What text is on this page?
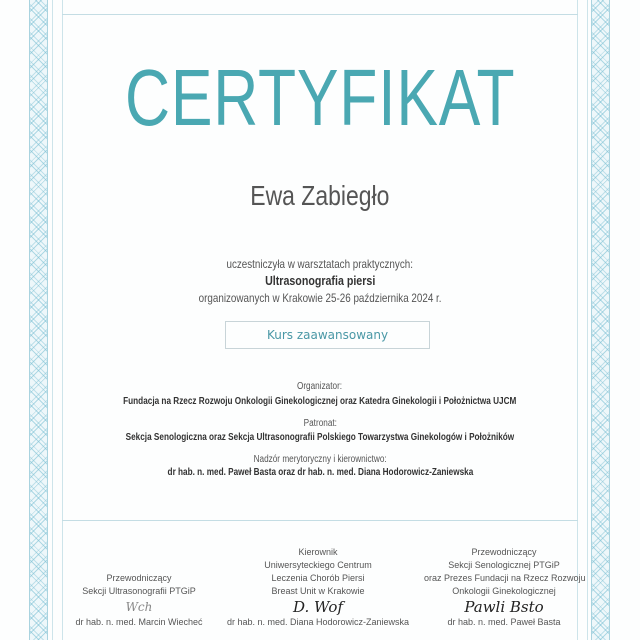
CERTYFIKAT
Ewa Zabiegło
uczestniczyła w warsztatach praktycznych:
Ultrasonografia piersi
organizowanych w Krakowie 25-26 października 2024 r.
Kurs zaawansowany
Organizator:
Fundacja na Rzecz Rozwoju Onkologii Ginekologicznej oraz Katedra Ginekologii i Położnictwa UJCM
Patronat:
Sekcja Senologiczna oraz Sekcja Ultrasonografii Polskiego Towarzystwa Ginekologów i Położników
Nadzór merytoryczny i kierownictwo:
dr hab. n. med. Paweł Basta oraz dr hab. n. med. Diana Hodorowicz-Zaniewska
Przewodniczący
Sekcji Ultrasonografii PTGiP
Wch
dr hab. n. med. Marcin Wiecheć
Kierownik
Uniwersyteckiego Centrum
Leczenia Chorób Piersi
Breast Unit w Krakowie
D. Wof
dr hab. n. med. Diana Hodorowicz-Zaniewska
Przewodniczący
Sekcji Senologicznej PTGiP
oraz Prezes Fundacji na Rzecz Rozwoju
Onkologii Ginekologicznej
Pawli Bsto
dr hab. n. med. Paweł Basta
